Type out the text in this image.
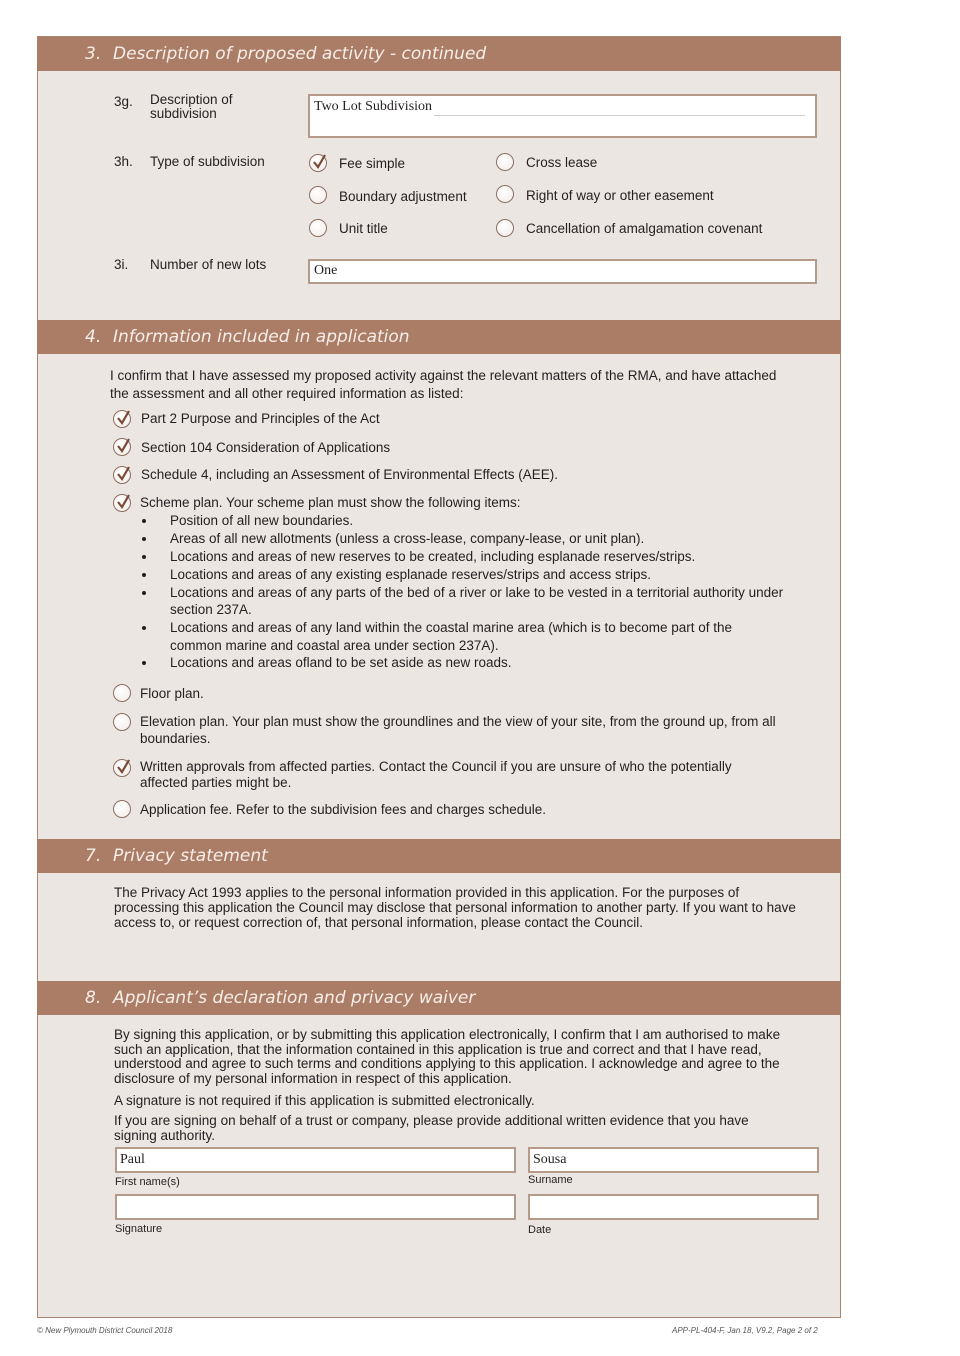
3. Description of proposed activity - continued
3g. Description of
subdivision	Two Lot Subdivision
3h. Type of subdivision	Fee simple
Boundary adjustment
Unit title
Cross lease
Right of way or other easement
Cancellation of amalgamation covenant
3i. Number of new lots	One
4. Information included in application
I confirm that I have assessed my proposed activity against the relevant matters of the RMA, and have attached
the assessment and all other required information as listed:
Part 2 Purpose and Principles of the Act
Section 104 Consideration of Applications
Schedule 4, including an Assessment of Environmental Effects (AEE).
Scheme plan. Your scheme plan must show the following items:
Position of all new boundaries.
Areas of all new allotments (unless a cross-lease, company-lease, or unit plan).
Locations and areas of new reserves to be created, including esplanade reserves/strips.
Locations and areas of any existing esplanade reserves/strips and access strips.
Locations and areas of any parts of the bed of a river or lake to be vested in a territorial authority under
section 237A.
Locations and areas of any land within the coastal marine area (which is to become part of the
common marine and coastal area under section 237A).
Locations and areas ofland to be set aside as new roads.
Floor plan.
Elevation plan. Your plan must show the groundlines and the view of your site, from the ground up, from all
boundaries.
Written approvals from affected parties. Contact the Council if you are unsure of who the potentially
affected parties might be.
Application fee. Refer to the subdivision fees and charges schedule.
7. Privacy statement
The Privacy Act 1993 applies to the personal information provided in this application. For the purposes of
processing this application the Council may disclose that personal information to another party. If you want to have
access to, or request correction of, that personal information, please contact the Council.
8. Applicant’s declaration and privacy waiver
By signing this application, or by submitting this application electronically, I confirm that I am authorised to make
such an application, that the information contained in this application is true and correct and that I have read,
understood and agree to such terms and conditions applying to this application. I acknowledge and agree to the
disclosure of my personal information in respect of this application.
A signature is not required if this application is submitted electronically.
If you are signing on behalf of a trust or company, please provide additional written evidence that you have
signing authority.
Paul
First name(s)
Sousa
Surname
Signature	Date
© New Plymouth District Council 2018	APP-PL-404-F, Jan 18, V9.2, Page 2 of 2
